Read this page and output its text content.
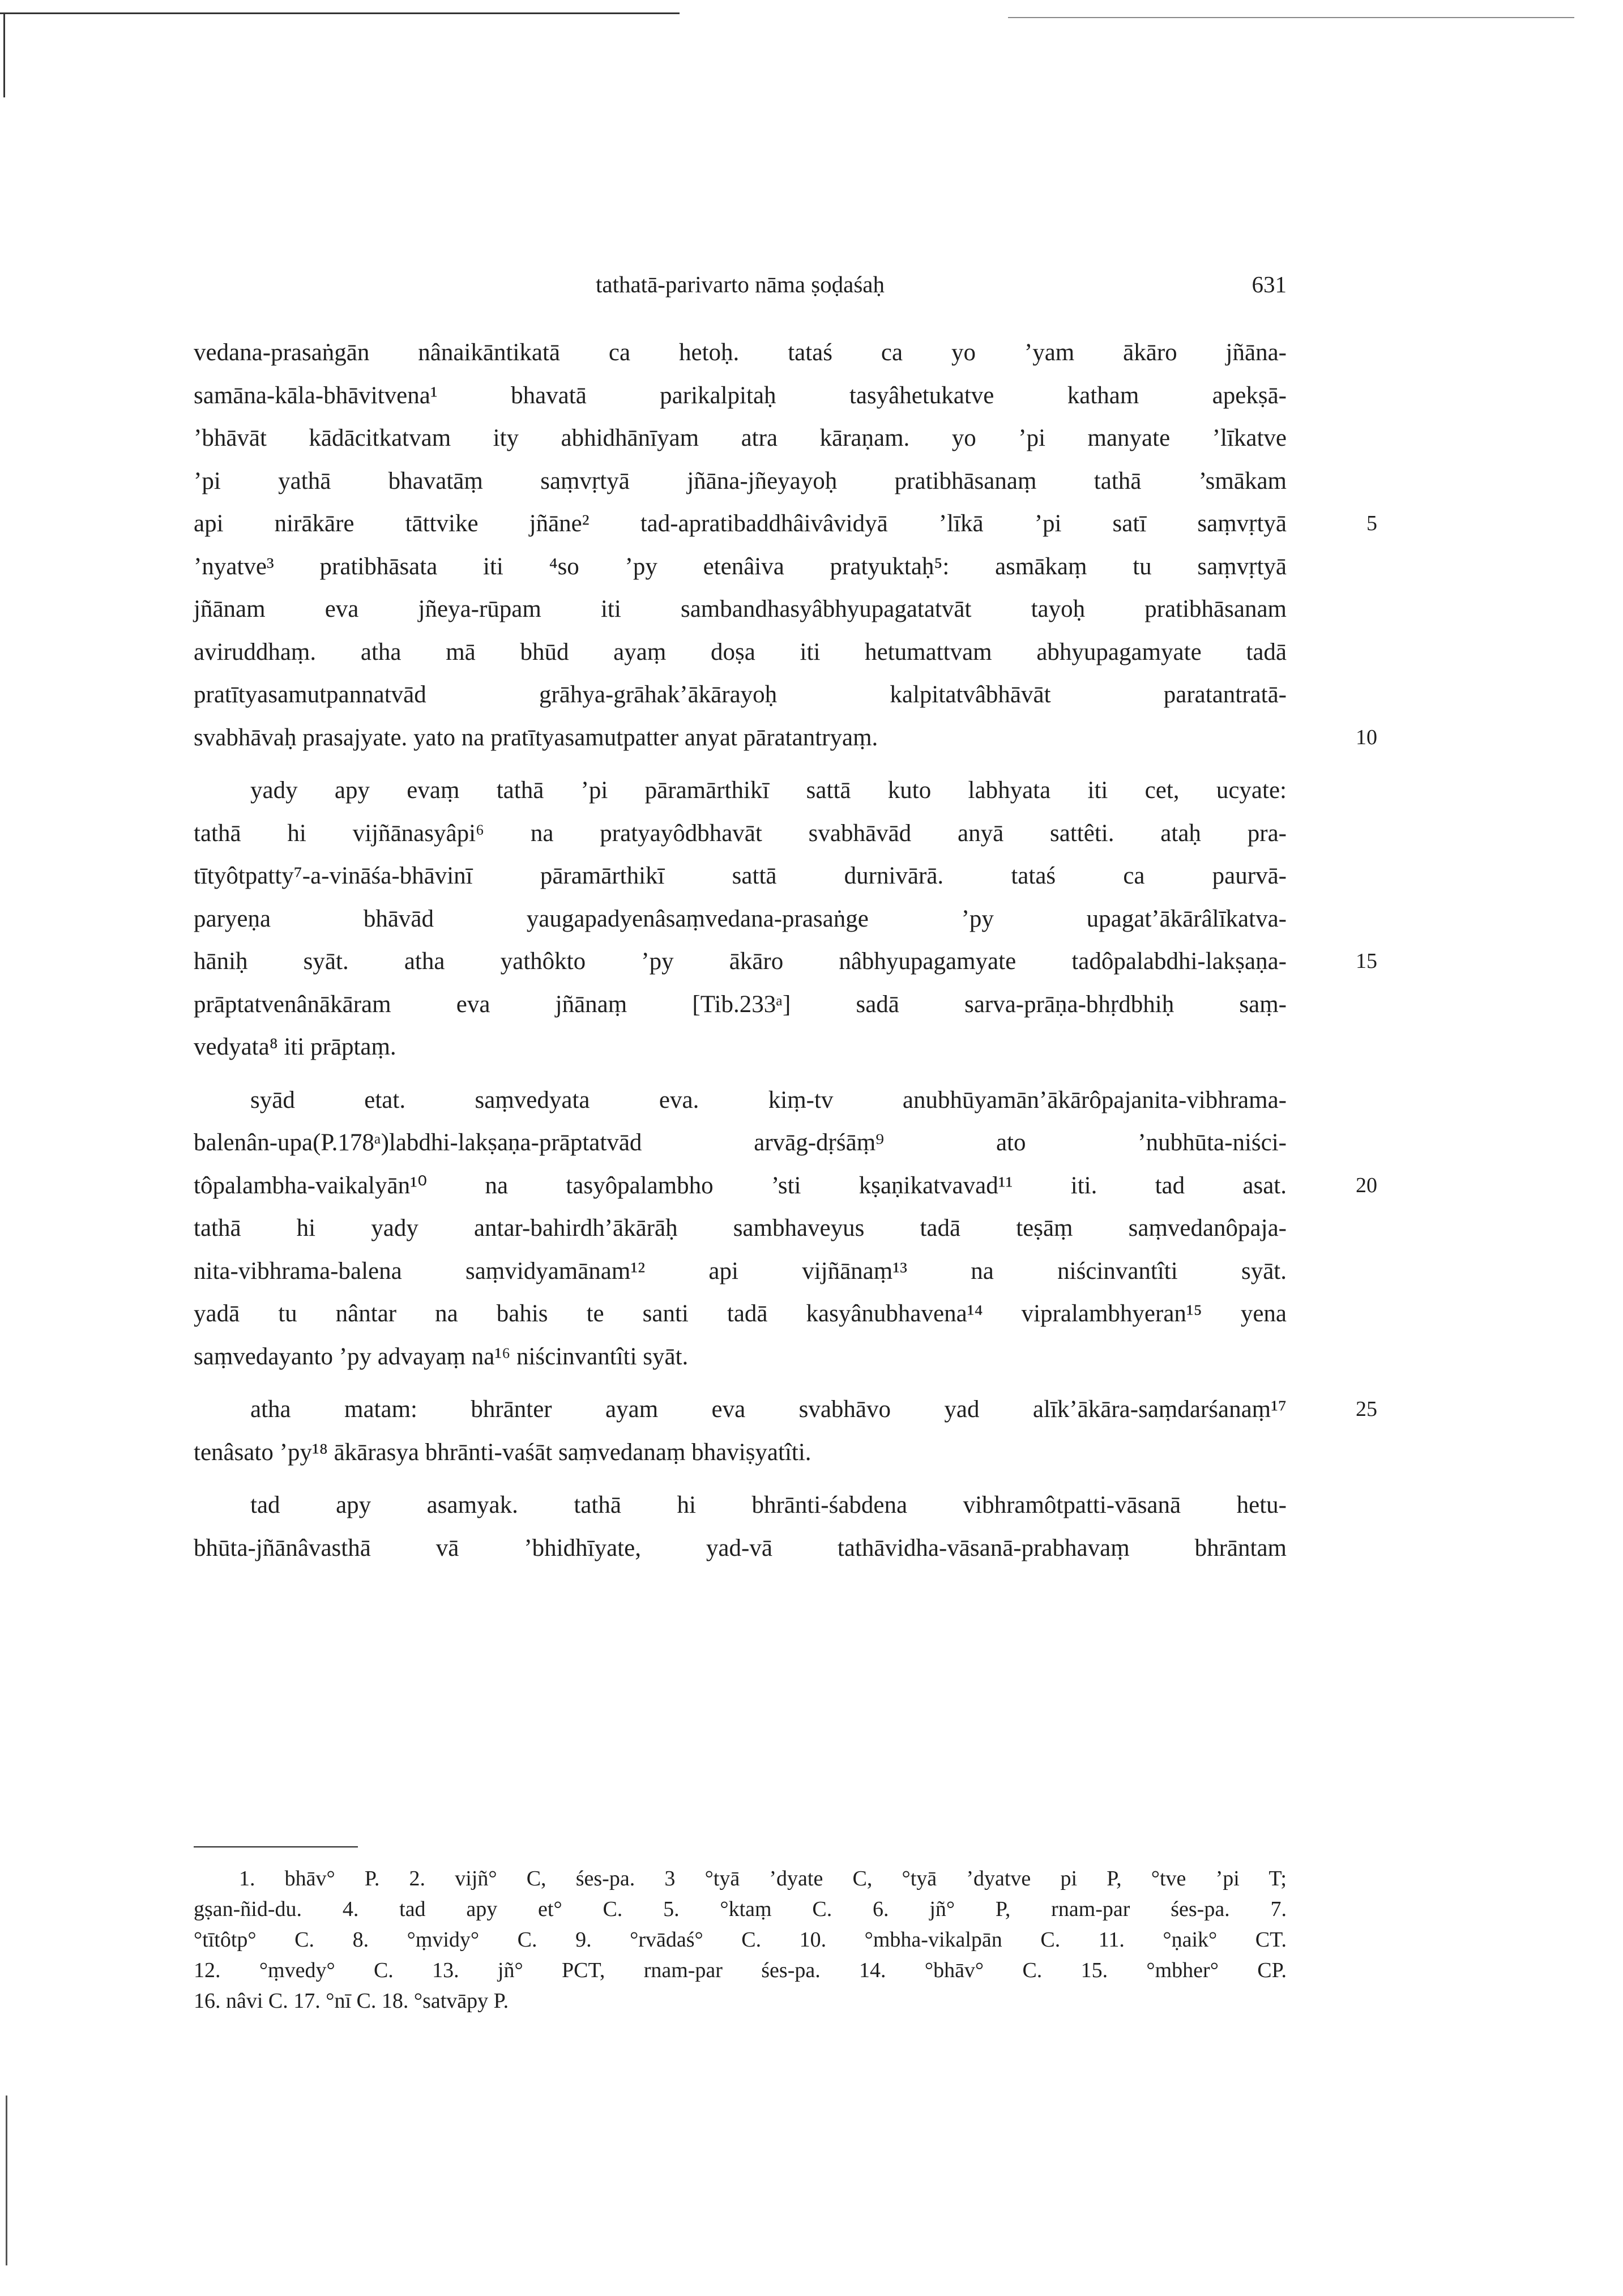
tathatā-parivarto nāma ṣoḍaśaḥ	631
vedana-prasaṅgān nânaikāntikatā ca hetoḥ. tataś ca yo ’yam ākāro jñāna-
samāna-kāla-bhāvitvena¹ bhavatā parikalpitaḥ tasyâhetukatve katham apekṣā-
’bhāvāt kādācitkatvam ity abhidhānīyam atra kāraṇam. yo ’pi manyate ’līkatve
’pi yathā bhavatāṃ saṃvṛtyā jñāna-jñeyayoḥ pratibhāsanaṃ tathā ’smākam
api nirākāre tāttvike jñāne² tad-apratibaddhâivâvidyā ’līkā ’pi satī saṃvṛtyā	5
’nyatve³ pratibhāsata iti ⁴so ’py etenâiva pratyuktaḥ⁵: asmākaṃ tu saṃvṛtyā
jñānam eva jñeya-rūpam iti sambandhasyâbhyupagatatvāt tayoḥ pratibhāsanam
aviruddhaṃ. atha mā bhūd ayaṃ doṣa iti hetumattvam abhyupagamyate tadā
pratītyasamutpannatvād grāhya-grāhak’ākārayoḥ kalpitatvâbhāvāt paratantratā-
svabhāvaḥ prasajyate. yato na pratītyasamutpatter anyat pāratantryaṃ.	10
yady apy evaṃ tathā ’pi pāramārthikī sattā kuto labhyata iti cet, ucyate:
tathā hi vijñānasyâpi⁶ na pratyayôdbhavāt svabhāvād anyā sattêti. ataḥ pra-
tītyôtpatty⁷-a-vināśa-bhāvinī pāramārthikī sattā durnivārā. tataś ca paurvā-
paryeṇa bhāvād yaugapadyenâsaṃvedana-prasaṅge ’py upagat’ākārâlīkatva-
hāniḥ syāt. atha yathôkto ’py ākāro nâbhyupagamyate tadôpalabdhi-lakṣaṇa-	15
prāptatvenânākāram eva jñānaṃ [Tib.233ᵃ] sadā sarva-prāṇa-bhṛdbhiḥ saṃ-
vedyata⁸ iti prāptaṃ.
syād etat. saṃvedyata eva. kiṃ-tv anubhūyamān’ākārôpajanita-vibhrama-
balenân-upa(P.178ᵃ)labdhi-lakṣaṇa-prāptatvād arvāg-dṛśāṃ⁹ ato ’nubhūta-niści-
tôpalambha-vaikalyān¹⁰ na tasyôpalambho ’sti kṣaṇikatvavad¹¹ iti. tad asat.	20
tathā hi yady antar-bahirdh’ākārāḥ sambhaveyus tadā teṣāṃ saṃvedanôpaja-
nita-vibhrama-balena saṃvidyamānam¹² api vijñānaṃ¹³ na niścinvantîti syāt.
yadā tu nântar na bahis te santi tadā kasyânubhavena¹⁴ vipralambhyeran¹⁵ yena
saṃvedayanto ’py advayaṃ na¹⁶ niścinvantîti syāt.
atha matam: bhrānter ayam eva svabhāvo yad alīk’ākāra-saṃdarśanaṃ¹⁷	25
tenâsato ’py¹⁸ ākārasya bhrānti-vaśāt saṃvedanaṃ bhaviṣyatîti.
tad apy asamyak. tathā hi bhrānti-śabdena vibhramôtpatti-vāsanā hetu-
bhūta-jñānâvasthā vā ’bhidhīyate, yad-vā tathāvidha-vāsanā-prabhavaṃ bhrāntam
1. bhāv° P. 2. vijñ° C, śes-pa. 3 °tyā ’dyate C, °tyā ’dyatve pi P, °tve ’pi T;
gṣan-ñid-du. 4. tad apy et° C. 5. °ktaṃ C. 6. jñ° P, rnam-par śes-pa. 7.
°tītôtp° C. 8. °ṃvidy° C. 9. °rvādaś° C. 10. °mbha-vikalpān C. 11. °ṇaik° CT.
12. °ṃvedy° C. 13. jñ° PCT, rnam-par śes-pa. 14. °bhāv° C. 15. °mbher° CP.
16. nâvi C. 17. °nī C. 18. °satvāpy P.
